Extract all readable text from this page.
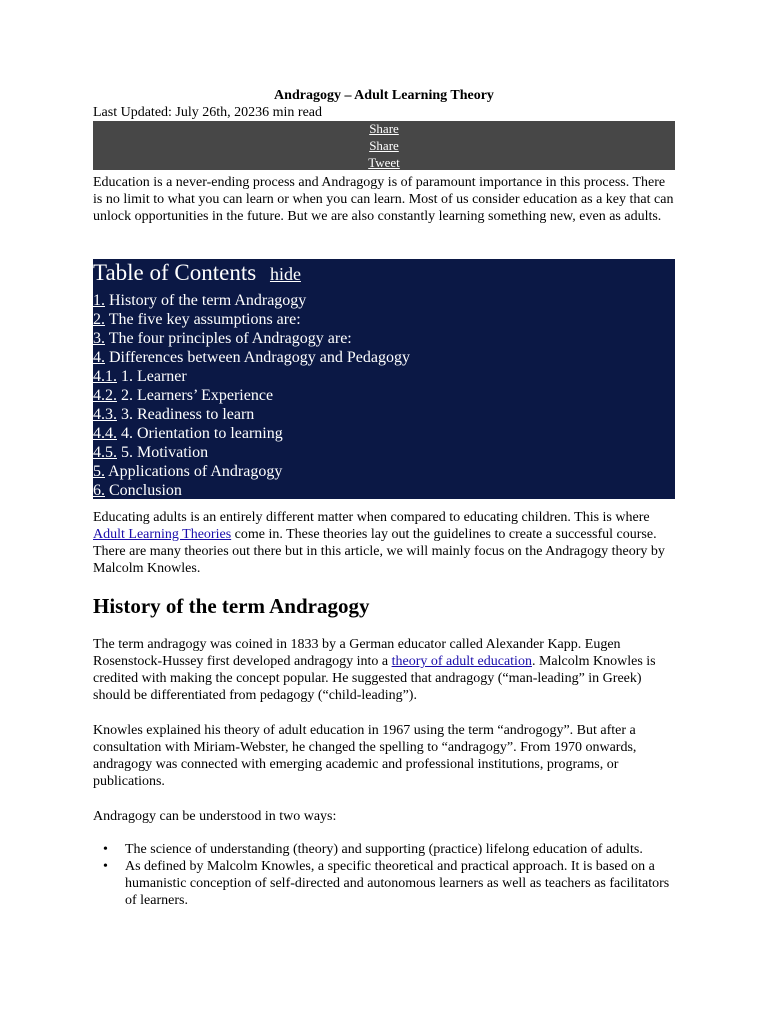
Andragogy – Adult Learning Theory
Last Updated: July 26th, 20236 min read
Share
Share
Tweet

Education is a never-ending process and Andragogy is of paramount importance in this process. There is no limit to what you can learn or when you can learn. Most of us consider education as a key that can unlock opportunities in the future. But we are also constantly learning something new, even as adults.

Table of Contents hide
1. History of the term Andragogy
2. The five key assumptions are:
3. The four principles of Andragogy are:
4. Differences between Andragogy and Pedagogy
4.1. 1. Learner
4.2. 2. Learners’ Experience
4.3. 3. Readiness to learn
4.4. 4. Orientation to learning
4.5. 5. Motivation
5. Applications of Andragogy
6. Conclusion

Educating adults is an entirely different matter when compared to educating children. This is where Adult Learning Theories come in. These theories lay out the guidelines to create a successful course. There are many theories out there but in this article, we will mainly focus on the Andragogy theory by Malcolm Knowles.

History of the term Andragogy

The term andragogy was coined in 1833 by a German educator called Alexander Kapp. Eugen Rosenstock-Hussey first developed andragogy into a theory of adult education. Malcolm Knowles is credited with making the concept popular. He suggested that andragogy (“man-leading” in Greek) should be differentiated from pedagogy (“child-leading”).

Knowles explained his theory of adult education in 1967 using the term “androgogy”. But after a consultation with Miriam-Webster, he changed the spelling to “andragogy”. From 1970 onwards, andragogy was connected with emerging academic and professional institutions, programs, or publications.

Andragogy can be understood in two ways:

• The science of understanding (theory) and supporting (practice) lifelong education of adults.
• As defined by Malcolm Knowles, a specific theoretical and practical approach. It is based on a humanistic conception of self-directed and autonomous learners as well as teachers as facilitators of learners.
